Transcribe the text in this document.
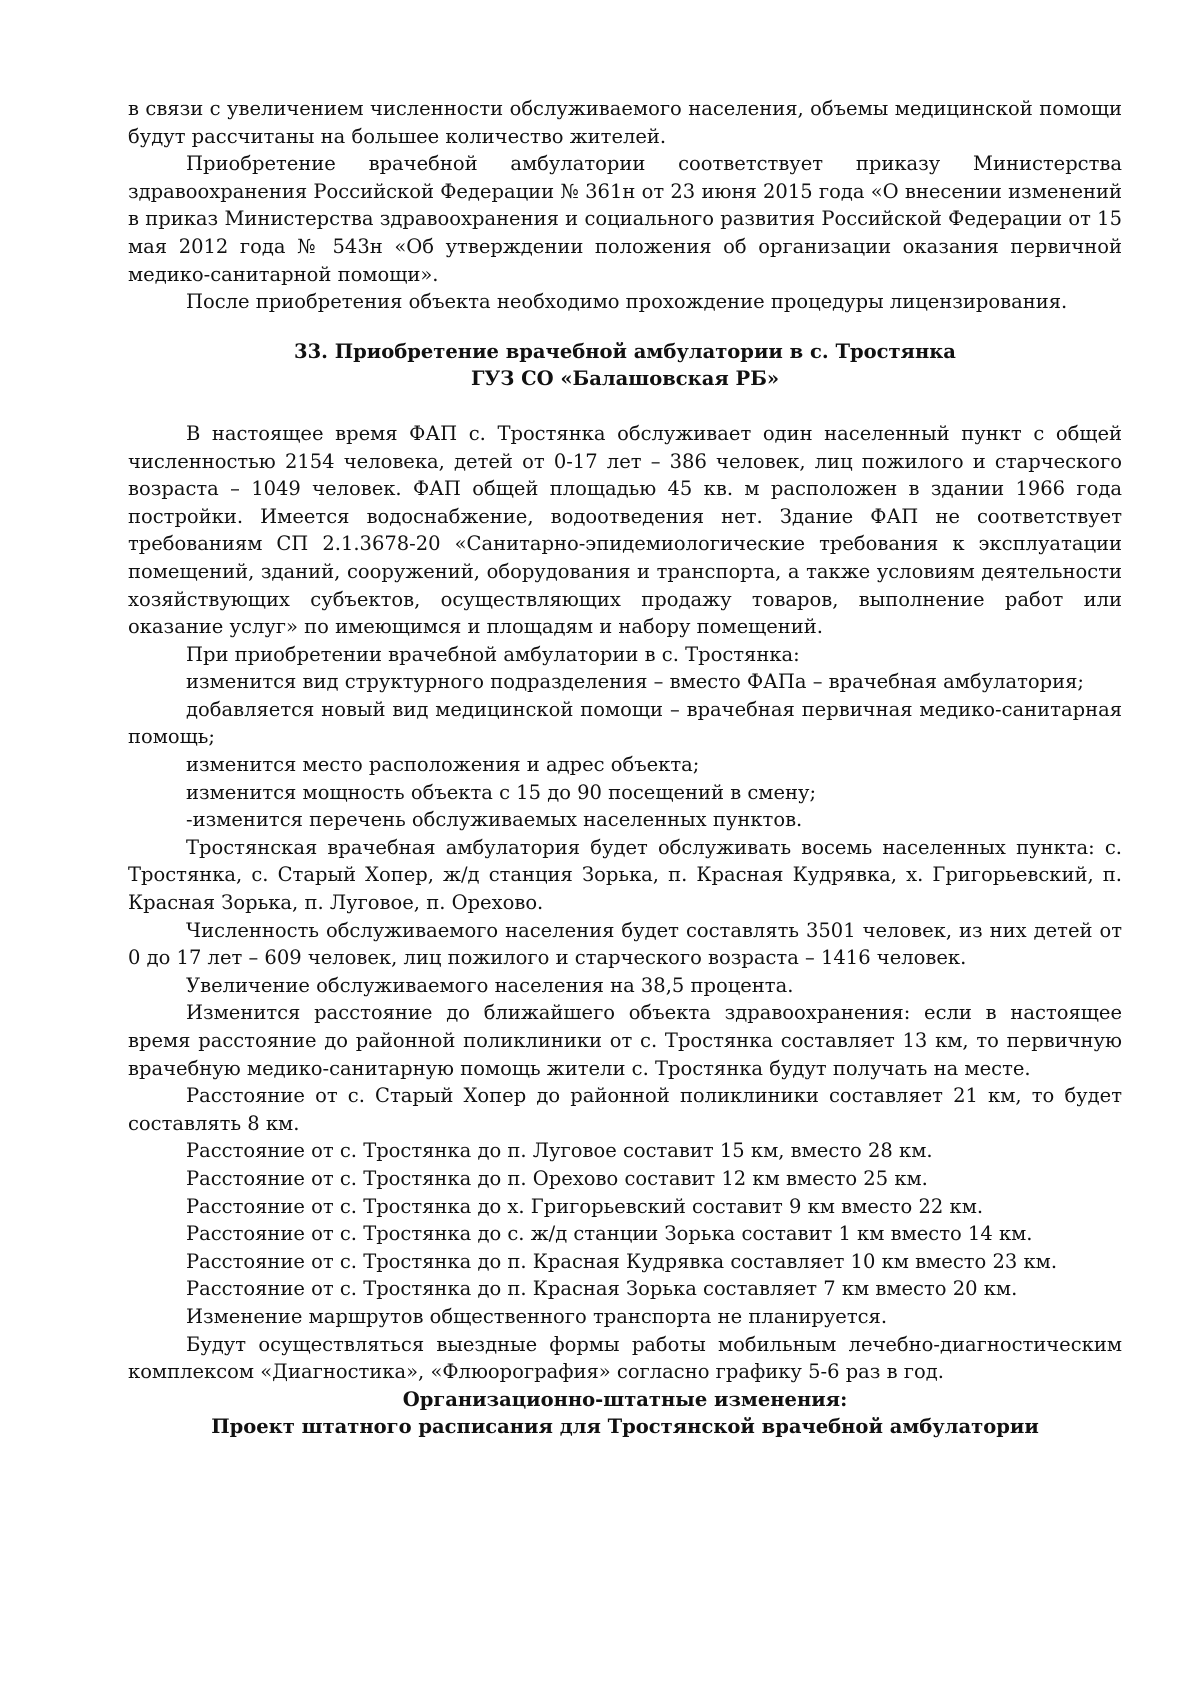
в связи с увеличением численности обслуживаемого населения, объемы медицинской помощи будут рассчитаны на большее количество жителей.

Приобретение врачебной амбулатории соответствует приказу Министерства здравоохранения Российской Федерации № 361н от 23 июня 2015 года «О внесении изменений в приказ Министерства здравоохранения и социального развития Российской Федерации от 15 мая 2012 года № 543н «Об утверждении положения об организации оказания первичной медико-санитарной помощи».

После приобретения объекта необходимо прохождение процедуры лицензирования.

33. Приобретение врачебной амбулатории в с. Тростянка

ГУЗ СО «Балашовская РБ»

В настоящее время ФАП с. Тростянка обслуживает один населенный пункт с общей численностью 2154 человека, детей от 0-17 лет – 386 человек, лиц пожилого и старческого возраста – 1049 человек. ФАП общей площадью 45 кв. м расположен в здании 1966 года постройки. Имеется водоснабжение, водоотведения нет. Здание ФАП не соответствует требованиям СП 2.1.3678-20 «Санитарно-эпидемиологические требования к эксплуатации помещений, зданий, сооружений, оборудования и транспорта, а также условиям деятельности хозяйствующих субъектов, осуществляющих продажу товаров, выполнение работ или оказание услуг» по имеющимся и площадям и набору помещений.

При приобретении врачебной амбулатории в с. Тростянка:

изменится вид структурного подразделения – вместо ФАПа – врачебная амбулатория;

добавляется новый вид медицинской помощи – врачебная первичная медико-санитарная помощь;

изменится место расположения и адрес объекта;

изменится мощность объекта с 15 до 90 посещений в смену;

-изменится перечень обслуживаемых населенных пунктов.

Тростянская врачебная амбулатория будет обслуживать восемь населенных пункта: с. Тростянка, с. Старый Хопер, ж/д станция Зорька, п. Красная Кудрявка, х. Григорьевский, п. Красная Зорька, п. Луговое, п. Орехово.

Численность обслуживаемого населения будет составлять 3501 человек, из них детей от 0 до 17 лет – 609 человек, лиц пожилого и старческого возраста – 1416 человек.

Увеличение обслуживаемого населения на 38,5 процента.

Изменится расстояние до ближайшего объекта здравоохранения: если в настоящее время расстояние до районной поликлиники от с. Тростянка составляет 13 км, то первичную врачебную медико-санитарную помощь жители с. Тростянка будут получать на месте.

Расстояние от с. Старый Хопер до районной поликлиники составляет 21 км, то будет составлять 8 км.

Расстояние от с. Тростянка до п. Луговое составит 15 км, вместо 28 км.

Расстояние от с. Тростянка до п. Орехово составит 12 км вместо 25 км.

Расстояние от с. Тростянка до х. Григорьевский составит 9 км вместо 22 км.

Расстояние от с. Тростянка до с. ж/д станции Зорька составит 1 км вместо 14 км.

Расстояние от с. Тростянка до п. Красная Кудрявка составляет 10 км вместо 23 км.

Расстояние от с. Тростянка до п. Красная Зорька составляет 7 км вместо 20 км.

Изменение маршрутов общественного транспорта не планируется.

Будут осуществляться выездные формы работы мобильным лечебно-диагностическим комплексом «Диагностика», «Флюорография» согласно графику 5-6 раз в год.

Организационно-штатные изменения:

Проект штатного расписания для Тростянской врачебной амбулатории
